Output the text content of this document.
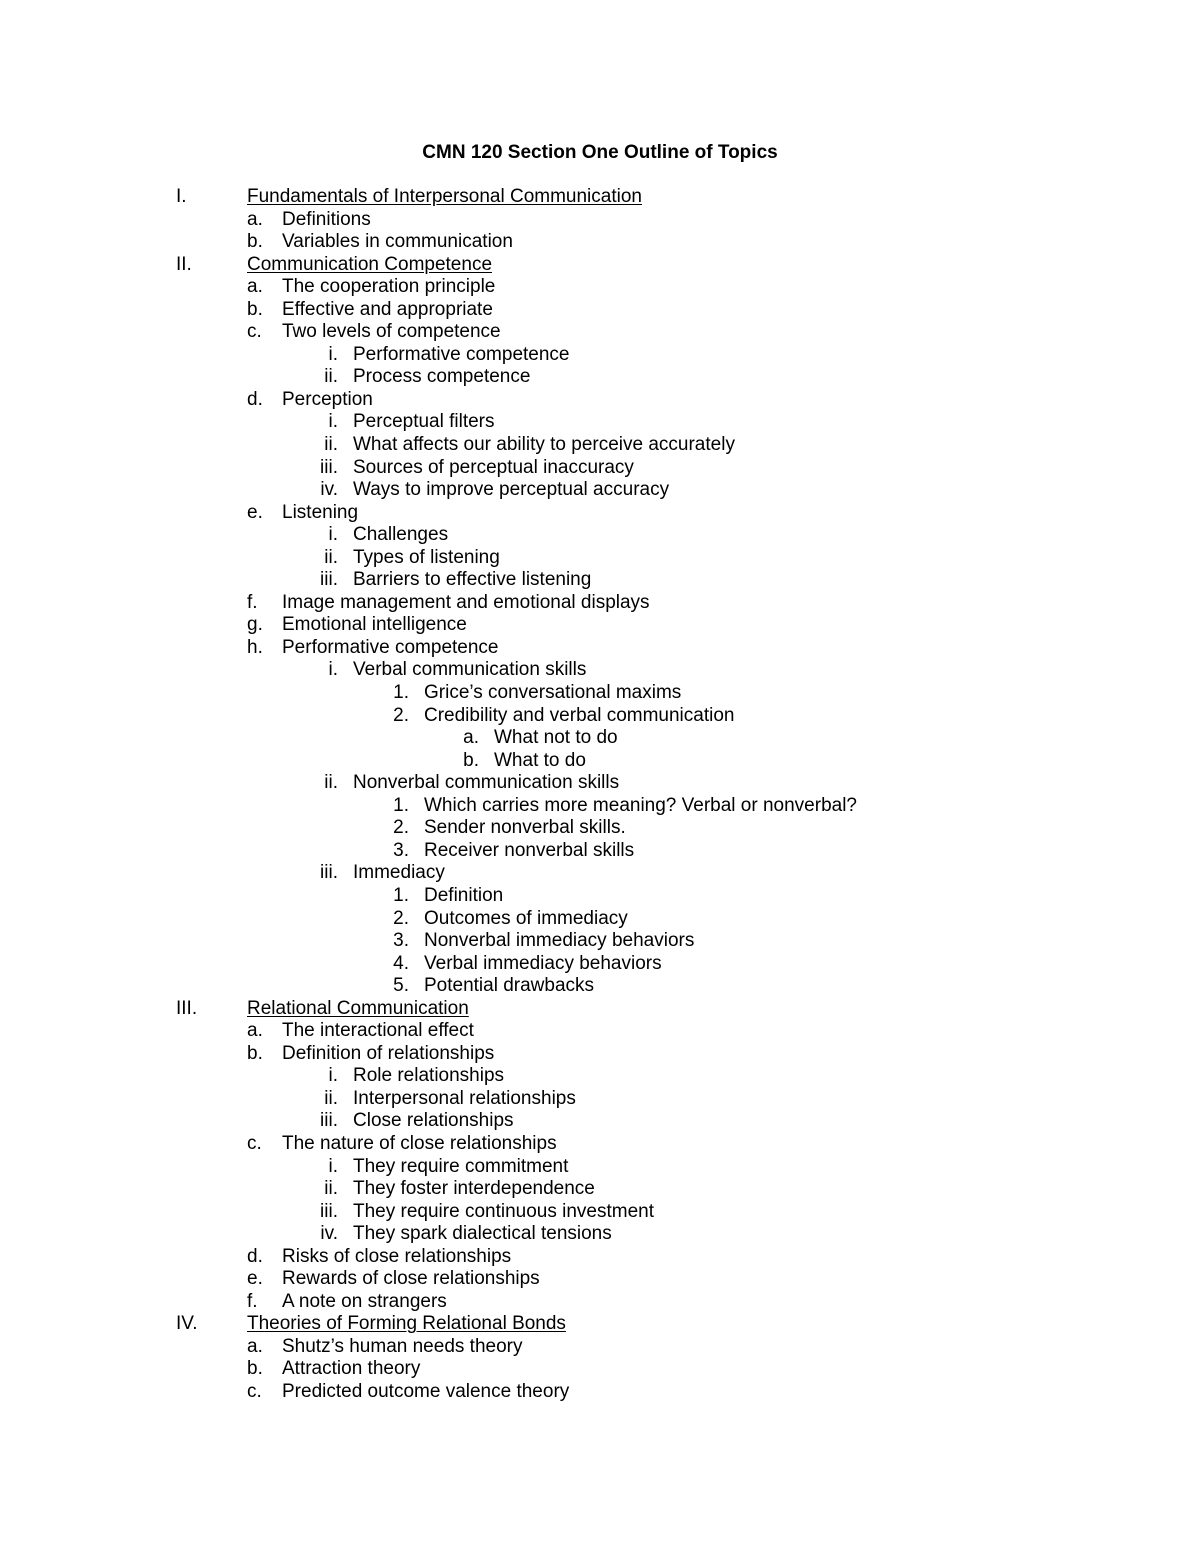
CMN 120 Section One Outline of Topics
I.	Fundamentals of Interpersonal Communication
a. Definitions
b. Variables in communication
II.	Communication Competence
a. The cooperation principle
b. Effective and appropriate
c. Two levels of competence
i. Performative competence
ii. Process competence
d. Perception
i. Perceptual filters
ii. What affects our ability to perceive accurately
iii. Sources of perceptual inaccuracy
iv. Ways to improve perceptual accuracy
e. Listening
i. Challenges
ii. Types of listening
iii. Barriers to effective listening
f. Image management and emotional displays
g. Emotional intelligence
h. Performative competence
i. Verbal communication skills
1. Grice’s conversational maxims
2. Credibility and verbal communication
a. What not to do
b. What to do
ii. Nonverbal communication skills
1. Which carries more meaning? Verbal or nonverbal?
2. Sender nonverbal skills.
3. Receiver nonverbal skills
iii. Immediacy
1. Definition
2. Outcomes of immediacy
3. Nonverbal immediacy behaviors
4. Verbal immediacy behaviors
5. Potential drawbacks
III.	Relational Communication
a. The interactional effect
b. Definition of relationships
i. Role relationships
ii. Interpersonal relationships
iii. Close relationships
c. The nature of close relationships
i. They require commitment
ii. They foster interdependence
iii. They require continuous investment
iv. They spark dialectical tensions
d. Risks of close relationships
e. Rewards of close relationships
f. A note on strangers
IV.	Theories of Forming Relational Bonds
a. Shutz’s human needs theory
b. Attraction theory
c. Predicted outcome valence theory
